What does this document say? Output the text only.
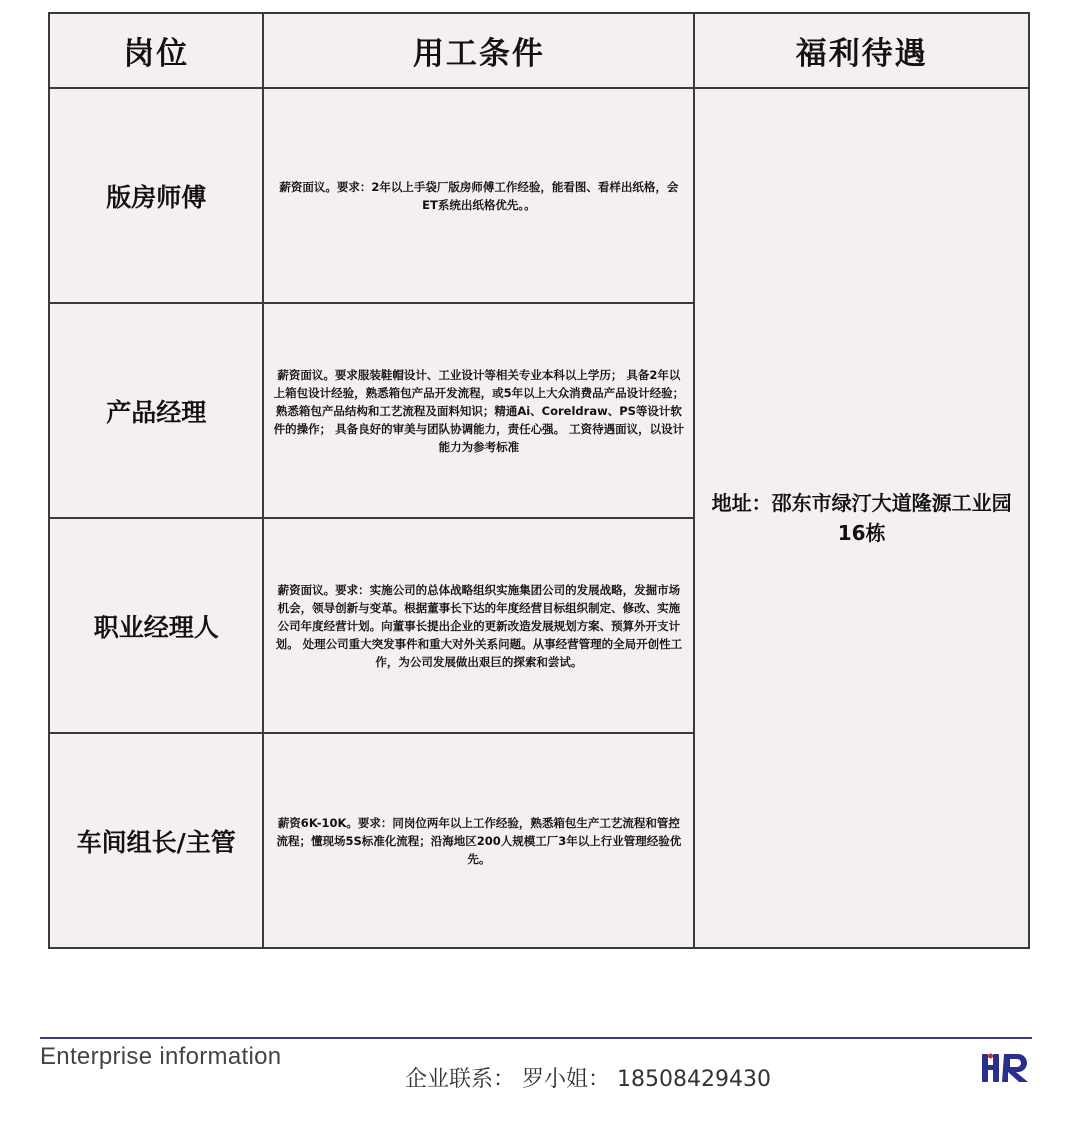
岗位	用工条件	福利待遇
版房师傅	薪资面议。要求：2年以上手袋厂版房师傅工作经验，能看图、看样出纸格，会ET系统出纸格优先。。	地址：邵东市绿汀大道隆源工业园16栋
产品经理	薪资面议。要求服装鞋帽设计、工业设计等相关专业本科以上学历； 具备2年以上箱包设计经验，熟悉箱包产品开发流程，或5年以上大众消费品产品设计经验； 熟悉箱包产品结构和工艺流程及面料知识；精通Ai、Coreldraw、PS等设计软件的操作； 具备良好的审美与团队协调能力，责任心强。 工资待遇面议，以设计能力为参考标准	
职业经理人	薪资面议。要求：实施公司的总体战略组织实施集团公司的发展战略，发掘市场机会，领导创新与变革。根据董事长下达的年度经营目标组织制定、修改、实施公司年度经营计划。向董事长提出企业的更新改造发展规划方案、预算外开支计划。 处理公司重大突发事件和重大对外关系问题。从事经营管理的全局开创性工作，为公司发展做出艰巨的探索和尝试。	
车间组长/主管	薪资6K-10K。要求：同岗位两年以上工作经验，熟悉箱包生产工艺流程和管控流程；懂现场5S标准化流程；沿海地区200人规模工厂3年以上行业管理经验优先。	
Enterprise information
企业联系： 罗小姐： 18508429430
